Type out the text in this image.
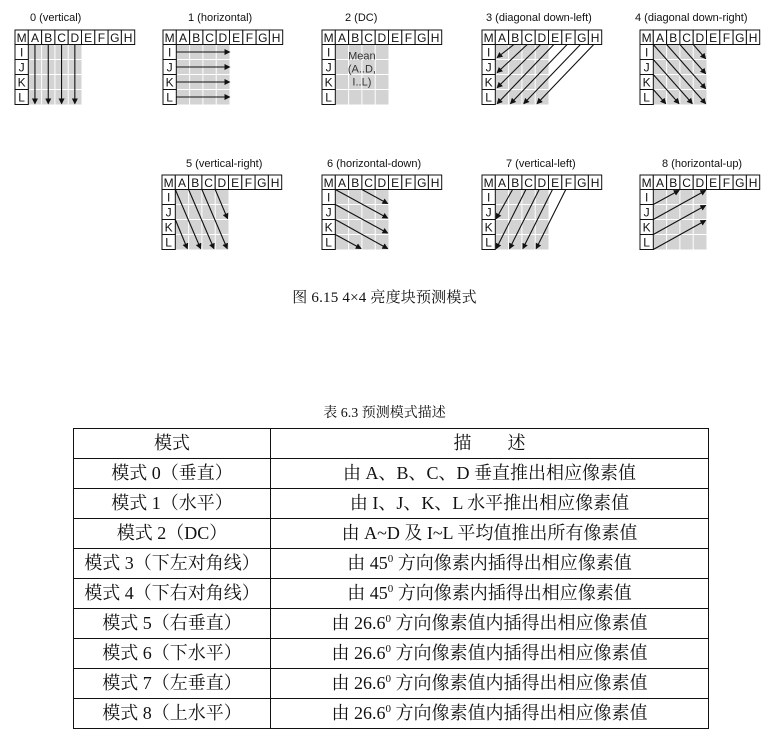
0 (vertical)
M A B C D E F G H
I
J
K
L
1 (horizontal)
M A B C D E F G H
I
J
K
L
2 (DC)
M A B C D E F G H
I
J
K
L
Mean
(A..D,
I..L)
3 (diagonal down-left)
M A B C D E F G H
I
J
K
L
4 (diagonal down-right)
M A B C D E F G H
I
J
K
L
5 (vertical-right)
M A B C D E F G H
I
J
K
L
6 (horizontal-down)
M A B C D E F G H
I
J
K
L
7 (vertical-left)
M A B C D E F G H
I
J
K
L
8 (horizontal-up)
M A B C D E F G H
I
J
K
L
图 6.15 4×4 亮度块预测模式
表 6.3 预测模式描述
模式	描        述
模式 0（垂直）	由 A、B、C、D 垂直推出相应像素值
模式 1（水平）	由 I、J、K、L 水平推出相应像素值
模式 2（DC）	由 A~D 及 I~L 平均值推出所有像素值
模式 3（下左对角线）	由 $45^0$ 方向像素内插得出相应像素值
模式 4（下右对角线）	由 $45^0$ 方向像素内插得出相应像素值
模式 5（右垂直）	由 26.6$^0$ 方向像素值内插得出相应像素值
模式 6（下水平）	由 26.6$^0$ 方向像素值内插得出相应像素值
模式 7（左垂直）	由 26.6$^0$ 方向像素值内插得出相应像素值
模式 8（上水平）	由 26.6$^0$ 方向像素值内插得出相应像素值
